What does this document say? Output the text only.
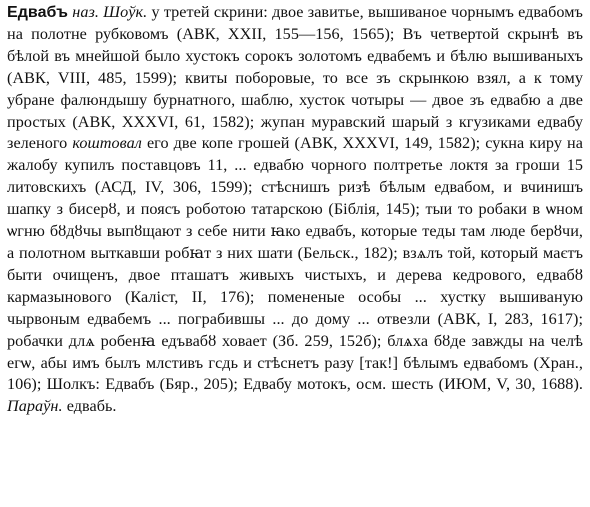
Едвабъ наз. Шоўк. у третей скрини: двое завитье, вышиваное чорнымъ едвабомъ на полотне рубковомъ (АВК, XXII, 155—156, 1565); Въ четвертой скрынѣ въ бѣлой въ мнейшой было хустокъ сорокъ золотомъ едвабемъ и бѣлю вышиваныхъ (АВК, VIII, 485, 1599); квиты поборовые, то все зъ скрынкою взял, а к тому убране фалюндышу бурнатного, шаблю, хусток чотыры — двое зъ едвабю а две простых (АВК, XXXVI, 61, 1582); жупан муравский шарый з кгузиками едвабу зеленого коштовал его две копе грошей (АВК, XXXVI, 149, 1582); сукна киру на жалобу купилъ поставцовъ 11, ... едвабю чорного полтретье локтя за гроши 15 литовскихъ (АСД, IV, 306, 1599); стѣснишъ ризѣ бѣлым едвабом, и вчинишъ шапку з бисерȣ, и поясъ роботою татарскою (Біблія, 145); тыи то робаки в ѡном ѡгню бȣдȣчы выпȣщают з себе нити ꙗко едвабъ, которые теды там люде берȣчи, а полотном выткавши робꙗт з них шати (Бельск., 182); взѧлъ той, который маєтъ быти очищенъ, двое пташатъ живыхъ чистыхъ, и дерева кедрового, едвабȣ кармазынового (Каліст, II, 176); помененые особы ... хустку вышиваную чырвоным едвабемъ ... пограбившы ... до дому ... отвезли (АВК, I, 283, 1617); робачки длѧ робенꙗ едъвабȣ ховает (Зб. 259, 152б); блѧха бȣде завжды на челѣ егѡ, абы имъ былъ млстивъ гсдь и стѣснетъ разу [так!] бѣлымъ едвабомъ (Хран., 106); Шолкъ: Едвабъ (Бяр., 205); Едвабу мотокъ, осм. шесть (ИЮМ, V, 30, 1688). Параўн. едвабь.
